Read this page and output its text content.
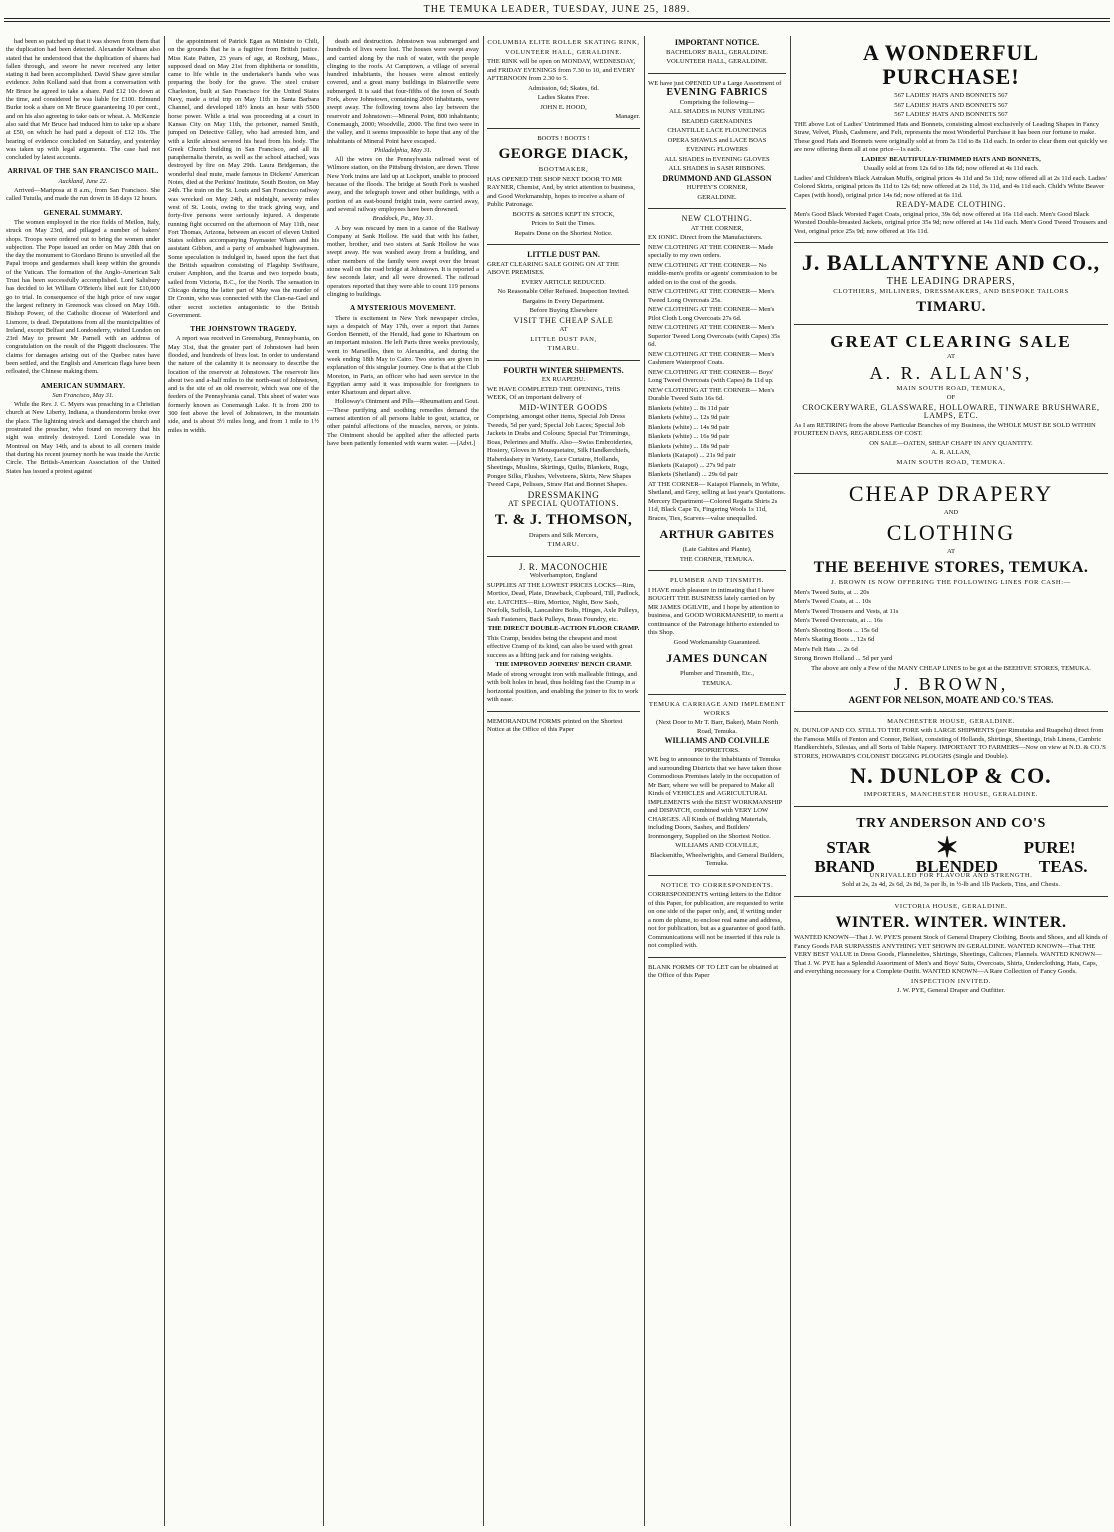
THE TEMUKA LEADER, TUESDAY, JUNE 25, 1889.

had been so patched up that it was shown from them that the duplication had been detected. Alexander Kelman also stated that he understood that the duplication of shares had fallen through, and swore he never received any letter stating it had been accomplished. David Shaw gave similar evidence. John Kolland said that from a conversation with Mr Bruce he agreed to take a share. Paid £12 10s down at the time, and considered he was liable for £100. Edmund Burke took a share on Mr Bruce guaranteeing 10 per cent., and on his also agreeing to take oats or wheat. A. McKenzie also said that Mr Bruce had induced him to take up a share at £50, on which he had paid a deposit of £12 10s. The hearing of evidence concluded on Saturday, and yesterday was taken up with legal arguments. The case had not concluded by latest accounts.

ARRIVAL OF THE SAN FRANCISCO MAIL.
Auckland, June 22.

Arrived—Mariposa at 8 a.m., from San Francisco. She called Tutuila, and made the run down in 18 days 12 hours.

GENERAL SUMMARY.

The women employed in the rice fields of Meilon, Italy, struck on May 23rd, and pillaged a number of bakers' shops. Troops were ordered out to bring the women under subjection. The Pope issued an order on May 28th that on the day the monument to Giordano Bruno is unveiled all the Papal troops and gendarmes shall keep within the grounds of the Vatican. The formation of the Anglo-American Salt Trust has been successfully accomplished. Lord Salisbury has decided to let William O'Brien's libel suit for £10,000 go to trial. In consequence of the high price of raw sugar the largest refinery in Greenock was closed on May 16th. Bishop Power, of the Catholic diocese of Waterford and Lismore, is dead. Deputations from all the municipalities of Ireland, except Belfast and Londonderry, visited London on 23rd May to present Mr Parnell with an address of congratulation on the result of the Piggott disclosures. The claims for damages arising out of the Quebec rates have been settled, and the English and American flags have been refloated, the Chinese making them.

AMERICAN SUMMARY.
San Francisco, May 31.

While the Rev. J. C. Myers was preaching in a Christian church at New Liberty, Indiana, a thunderstorm broke over the place. The lightning struck and damaged the church and prostrated the preacher, who found on recovery that his sight was entirely destroyed. Lord Lonsdale was in Montreal on May 14th, and is about to all corners inside that during his recent journey north he was inside the Arctic Circle. The British-American Association of the United States has issued a protest against

the appointment of Patrick Egan as Minister to Chili, on the grounds that he is a fugitive from British justice. Miss Kate Patten, 23 years of age, at Roxburg, Mass., supposed dead on May 21st from diphtheria or tonsilitis, came to life while in the undertaker's hands who was preparing the body for the grave. The steel cruiser Charleston, built at San Francisco for the United States Navy, made a trial trip on May 11th in Santa Barbara Channel, and developed 18½ knots an hour with 5500 horse power. While a trial was proceeding at a court in Kansas City on May 11th, the prisoner, named Smith, jumped on Detective Gilley, who had arrested him, and with a knife almost severed his head from his body. The Greek Church building in San Francisco, and all its paraphernalia therein, as well as the school attached, was destroyed by fire on May 29th. Laura Bridgeman, the wonderful deaf mute, made famous in Dickens' American Notes, died at the Perkins' Institute, South Boston, on May 24th. The train on the St. Louis and San Francisco railway was wrecked on May 24th, at midnight, seventy miles west of St. Louis, owing to the track giving way, and forty-five persons were seriously injured. A desperate running fight occurred on the afternoon of May 11th, near Fort Thomas, Arizona, between an escort of eleven United States soldiers accompanying Paymaster Wham and his assistant Gibbon, and a party of ambushed highwaymen. Some speculation is indulged in, based upon the fact that the British squadron consisting of Flagship Swiftsure, cruiser Amphion, and the Icarus and two torpedo boats, sailed from Victoria, B.C., for the North. The sensation in Chicago during the latter part of May was the murder of Dr Cronin, who was connected with the Clan-na-Gael and other secret societies antagonistic to the British Government.

THE JOHNSTOWN TRAGEDY.

A report was received in Greensburg, Pennsylvania, on May 31st, that the greater part of Johnstown had been flooded, and hundreds of lives lost. In order to understand the nature of the calamity it is necessary to describe the location of the reservoir at Johnstown. The reservoir lies about two and a-half miles to the north-east of Johnstown, and is the site of an old reservoir, which was one of the feeders of the Pennsylvania canal. This sheet of water was formerly known as Conemaugh Lake. It is from 200 to 300 feet above the level of Johnstown, in the mountain side, and is about 3½ miles long, and from 1 mile to 1½ miles in width.

death and destruction. Johnstown was submerged and hundreds of lives were lost. The houses were swept away and carried along by the rush of water, with the people clinging to the roofs. At Camptown, a village of several hundred inhabitants, the houses were almost entirely covered, and a great many buildings in Blairsville were submerged. It is said that four-fifths of the town of South Fork, above Johnstown, containing 2000 inhabitants, were swept away. The following towns also lay between the reservoir and Johnstown:—Mineral Point, 800 inhabitants; Conemaugh, 2000; Woodville, 2000. The first two were in the valley, and it seems impossible to hope that any of the inhabitants of Mineral Point have escaped.

Philadelphia, May 31.

All the wires on the Pennsylvania railroad west of Wilmore station, on the Pittsburg division, are down. Three New York trains are laid up at Lockport, unable to proceed because of the floods. The bridge at South Fork is washed away, and the telegraph tower and other buildings, with a portion of an east-bound freight train, were carried away, and several railway employees have been drowned.

Braddock, Pa., May 31.

A boy was rescued by men in a canoe of the Railway Company at Sank Hollow. He said that with his father, mother, brother, and two sisters at Sank Hollow he was swept away. He was washed away from a building, and other members of the family were swept over the breast stone wall on the road bridge at Johnstown. It is reported a few seconds later, and all were drowned. The railroad operators reported that they were able to count 119 persons clinging to buildings.

A MYSTERIOUS MOVEMENT.

There is excitement in New York newspaper circles, says a despatch of May 17th, over a report that James Gordon Bennett, of the Herald, had gone to Khartoum on an important mission. He left Paris three weeks previously, went to Marseilles, then to Alexandria, and during the week ending 18th May to Cairo. Two stories are given in explanation of this singular journey. One is that at the Club Moreton, in Paris, an officer who had seen service in the Egyptian army said it was impossible for foreigners to enter Khartoum and depart alive.

Holloway's Ointment and Pills—Rheumatism and Gout.—These purifying and soothing remedies demand the earnest attention of all persons liable to gout, sciatica, or other painful affections of the muscles, nerves, or joints. The Ointment should be applied after the affected parts have been patiently fomented with warm water. —[Advt.]

COLUMBIA ELITE ROLLER SKATING RINK,
VOLUNTEER HALL, GERALDINE.
THE RINK will be open on MONDAY, WEDNESDAY, and FRIDAY EVENINGS from 7.30 to 10, and EVERY AFTERNOON from 2.30 to 5.
Admission, 6d; Skates, 6d.
Ladies Skates Free.
JOHN E. HOOD,
Manager.
BOOTS ! BOOTS !
GEORGE DIACK,
BOOTMAKER,
HAS OPENED THE SHOP NEXT DOOR TO MR RAYNER, Chemist, And, by strict attention to business, and Good Workmanship, hopes to receive a share of Public Patronage.
BOOTS & SHOES KEPT IN STOCK,
Prices to Suit the Times.
Repairs Done on the Shortest Notice.
LITTLE DUST PAN.
GREAT CLEARING SALE GOING ON AT THE ABOVE PREMISES.
EVERY ARTICLE REDUCED.
No Reasonable Offer Refused. Inspection Invited.
Bargains in Every Department.
Before Buying Elsewhere
VISIT THE CHEAP SALE
AT
LITTLE DUST PAN,
TIMARU.
FOURTH WINTER SHIPMENTS.
EX RUAPEHU.
WE HAVE COMPLETED THE OPENING, THIS WEEK, Of an important delivery of
MID-WINTER GOODS
Comprising, amongst other items, Special Job Dress Tweeds, 5d per yard; Special Job Laces; Special Job Jackets in Drabs and Colours; Special Fur Trimmings, Boas, Pelerines and Muffs. Also—Swiss Embroideries, Hosiery, Gloves in Mousquetaire, Silk Handkerchiefs, Haberdashery in Variety, Lace Curtains, Hollands, Sheetings, Muslins, Skirtings, Quilts, Blankets, Rugs, Pongee Silks, Flushes, Velveteens, Skirts, New Shapes Tweed Caps, Pelisses, Straw Hat and Bonnet Shapes.
DRESSMAKING
AT SPECIAL QUOTATIONS.
T. & J. THOMSON,
Drapers and Silk Mercers,
TIMARU.
J. R. MACONOCHIE
Wolverhampton, England
SUPPLIES AT THE LOWEST PRICES LOCKS—Rim, Mortice, Dead, Plate, Drawback, Cupboard, Till, Padlock, etc. LATCHES—Rim, Mortice, Night, Bow Sash, Norfolk, Suffolk, Lancashire Bolts, Hinges, Axle Pulleys, Sash Fasteners, Back Pulleys, Brass Foundry, etc.
THE DIRECT DOUBLE-ACTION FLOOR CRAMP.
This Cramp, besides being the cheapest and most effective Cramp of its kind, can also be used with great success as a lifting jack and for raising weights.
THE IMPROVED JOINERS' BENCH CRAMP.
Made of strong wrought iron with malleable fittings, and with bolt holes in head, thus holding fast the Cramp in a horizontal position, and enabling the joiner to fix to work with ease.
MEMORANDUM FORMS printed on the Shortest Notice at the Office of this Paper
IMPORTANT NOTICE.
BACHELORS' BALL, GERALDINE.
VOLUNTEER HALL, GERALDINE.
WE have just OPENED UP a Large Assortment of
EVENING FABRICS
Comprising the following—
ALL SHADES in NUNS' VEILING
BEADED GRENADINES
CHANTILLE LACE FLOUNCINGS
OPERA SHAWLS and LACE BOAS
EVENING FLOWERS
ALL SHADES in EVENING GLOVES
ALL SHADES in SASH RIBBONS.
DRUMMOND AND GLASSON
HUFFEY'S CORNER,
GERALDINE.
NEW CLOTHING.
AT THE CORNER,
EX IONIC. Direct from the Manufacturers.
NEW CLOTHING AT THE CORNER— Made specially to my own orders.
NEW CLOTHING AT THE CORNER— No middle-men's profits or agents' commission to be added on to the cost of the goods.
NEW CLOTHING AT THE CORNER— Men's Tweed Long Overcoats 25s.
NEW CLOTHING AT THE CORNER— Men's Pilot Cloth Long Overcoats 27s 6d.
NEW CLOTHING AT THE CORNER— Men's Superior Tweed Long Overcoats (with Capes) 35s 6d.
NEW CLOTHING AT THE CORNER— Men's Cashmere Waterproof Coats.
NEW CLOTHING AT THE CORNER— Boys' Long Tweed Overcoats (with Capes) 8s 11d up.
NEW CLOTHING AT THE CORNER— Men's Durable Tweed Suits 16s 6d.
Blankets (white) ... 8s 11d pair
Blankets (white) ... 12s 9d pair
Blankets (white) ... 14s 9d pair
Blankets (white) ... 16s 9d pair
Blankets (white) ... 18s 9d pair
Blankets (Kaiapoi) ... 21s 9d pair
Blankets (Kaiapoi) ... 27s 9d pair
Blankets (Shetland) ... 29s 6d pair
AT THE CORNER— Kaiapoi Flannels, in White, Shetland, and Grey, selling at last year's Quotations. Mercery Department—Colored Regatta Shirts 2s 11d, Black Cape Ts, Fingering Wools 1s 11d, Braces, Ties, Scarves—value unequalled.
ARTHUR GABITES
(Late Gabites and Plante),
THE CORNER, TEMUKA.
PLUMBER AND TINSMITH.
I HAVE much pleasure in intimating that I have BOUGHT THE BUSINESS lately carried on by MR JAMES OGILVIE, and I hope by attention to business, and GOOD WORKMANSHIP, to merit a continuance of the Patronage hitherto extended to this Shop.
Good Workmanship Guaranteed.
JAMES DUNCAN
Plumber and Tinsmith, Etc.,
TEMUKA.
TEMUKA CARRIAGE AND IMPLEMENT WORKS
(Next Door to Mr T. Barr, Baker), Main North Road, Temuka.
WILLIAMS AND COLVILLE
PROPRIETORS.
WE beg to announce to the inhabitants of Temuka and surrounding Districts that we have taken those Commodious Premises lately in the occupation of Mr Barr, where we will be prepared to Make all Kinds of VEHICLES and AGRICULTURAL IMPLEMENTS with the BEST WORKMANSHIP and DISPATCH, combined with VERY LOW CHARGES. All Kinds of Building Materials, including Doors, Sashes, and Builders' Ironmongery, Supplied on the Shortest Notice.
WILLIAMS AND COLVILLE,
Blacksmiths, Wheelwrights, and General Builders, Temuka.
NOTICE TO CORRESPONDENTS.
CORRESPONDENTS writing letters to the Editor of this Paper, for publication, are requested to write on one side of the paper only, and, if writing under a nom de plume, to enclose real name and address, not for publication, but as a guarantee of good faith. Communications will not be inserted if this rule is not complied with.
BLANK FORMS OF TO LET can be obtained at the Office of this Paper
A WONDERFUL PURCHASE!
567 LADIES' HATS AND BONNETS 567
567 LADIES' HATS AND BONNETS 567
567 LADIES' HATS AND BONNETS 567
THE above Lot of Ladies' Untrimmed Hats and Bonnets, consisting almost exclusively of Leading Shapes in Fancy Straw, Velvet, Plush, Cashmere, and Felt, represents the most Wonderful Purchase it has been our fortune to make. These good Hats and Bonnets were originally sold at from 3s 11d to 8s 11d each. In order to clear them out quickly we are now offering them all at one price—1s each.
LADIES' BEAUTIFULLY-TRIMMED HATS AND BONNETS,
Usually sold at from 12s 6d to 18s 6d; now offered at 4s 11d each.
Ladies' and Children's Black Astrakan Muffs, original prices 4s 11d and 5s 11d; now offered all at 2s 11d each. Ladies' Colored Skirts, original prices 8s 11d to 12s 6d; now offered at 2s 11d, 3s 11d, and 4s 11d each. Child's White Beaver Capes (with hood), original price 14s 6d; now offered at 6s 11d.
READY-MADE CLOTHING.
Men's Good Black Worsted Faget Coats, original price, 39s 6d; now offered at 16s 11d each. Men's Good Black Worsted Double-breasted Jackets, original price 35s 9d; now offered at 14s 11d each. Men's Good Tweed Trousers and Vest, original price 25s 9d; now offered at 16s 11d.
J. BALLANTYNE AND CO.,
THE LEADING DRAPERS,
CLOTHIERS, MILLINERS, DRESSMAKERS, AND BESPOKE TAILORS
TIMARU.
GREAT CLEARING SALE
AT
A. R. ALLAN'S,
MAIN SOUTH ROAD, TEMUKA,
OF
CROCKERYWARE, GLASSWARE, HOLLOWARE, TINWARE BRUSHWARE, LAMPS, ETC.
As I am RETIRING from the above Particular Branches of my Business, the WHOLE MUST BE SOLD WITHIN FOURTEEN DAYS, REGARDLESS OF COST.
ON SALE—OATEN, SHEAF CHAFF IN ANY QUANTITY.
A. R. ALLAN,
MAIN SOUTH ROAD, TEMUKA.
CHEAP DRAPERY
AND
CLOTHING
AT
THE BEEHIVE STORES, TEMUKA.
J. BROWN IS NOW OFFERING THE FOLLOWING LINES FOR CASH:—
Men's Tweed Suits, at ... 20s
Men's Tweed Coats, at ... 10s
Men's Tweed Trousers and Vests, at 11s
Men's Tweed Overcoats, at ... 16s
Men's Shooting Boots ... 15s 6d
Men's Skating Boots ... 12s 6d
Men's Felt Hats ... 2s 6d
Strong Brown Holland ... 5d per yard
The above are only a Few of the MANY CHEAP LINES to be got at the BEEHIVE STORES, TEMUKA.
J. BROWN,
AGENT FOR NELSON, MOATE AND CO.'S TEAS.
MANCHESTER HOUSE, GERALDINE.
N. DUNLOP AND CO. STILL TO THE FORE with LARGE SHIPMENTS (per Rimutaka and Ruapehu) direct from the Famous Mills of Fenton and Connor, Belfast, consisting of Hollands, Shirtings, Sheetings, Irish Linens, Cambric Handkerchiefs, Silesias, and all Sorts of Table Napery. IMPORTANT TO FARMERS—Now on view at N.D. & CO.'S STORES, HOWARD'S COLONIST DIGGING PLOUGHS (Single and Double).
N. DUNLOP & CO.
IMPORTERS, MANCHESTER HOUSE, GERALDINE.
TRY ANDERSON AND CO'S
STAR ✶	PURE!
BRAND BLENDED TEAS.
UNRIVALLED FOR FLAVOUR AND STRENGTH.
Sold at 2s, 2s 4d, 2s 6d, 2s 8d, 3s per lb, in ½-lb and 1lb Packets, Tins, and Chests.
VICTORIA HOUSE, GERALDINE.
WINTER. WINTER. WINTER.
WANTED KNOWN—That J. W. PYE'S present Stock of General Drapery Clothing, Boots and Shoes, and all kinds of Fancy Goods FAR SURPASSES ANYTHING YET SHOWN IN GERALDINE. WANTED KNOWN—That THE VERY BEST VALUE in Dress Goods, Flannelettes, Shirtings, Sheetings, Calicoes, Flannels. WANTED KNOWN—That J. W. PYE has a Splendid Assortment of Men's and Boys' Suits, Overcoats, Shirts, Underclothing, Hats, Caps, and everything necessary for a Complete Outfit. WANTED KNOWN—A Rare Collection of Fancy Goods.
INSPECTION INVITED.
J. W. PYE, General Draper and Outfitter.
